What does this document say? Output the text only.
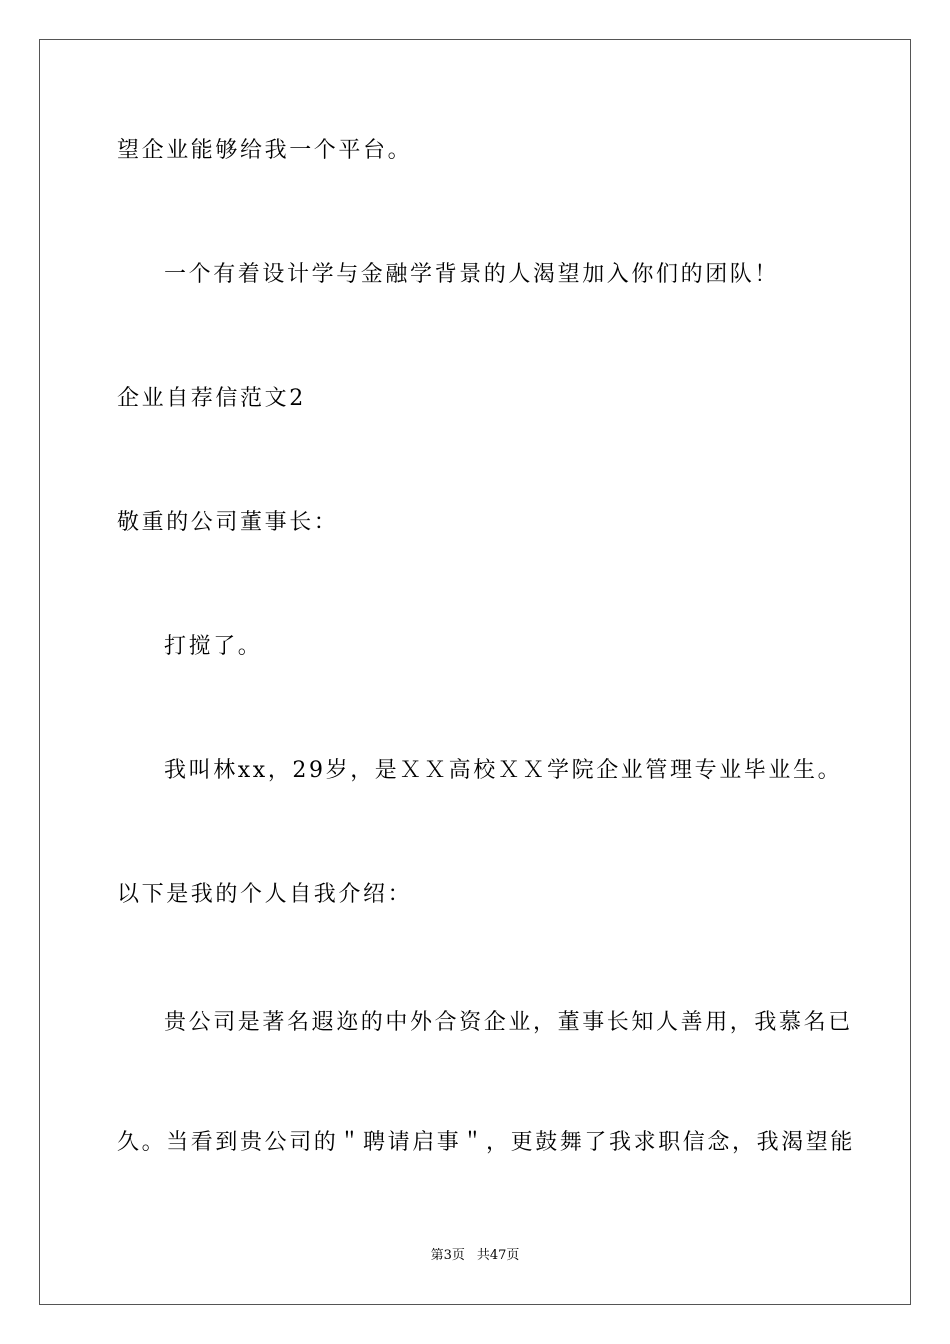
望企业能够给我一个平台。
一个有着设计学与金融学背景的人渴望加入你们的团队！
企业自荐信范文2
敬重的公司董事长：
打搅了。
我叫林xx，29岁，是ＸＸ高校ＸＸ学院企业管理专业毕业生。
以下是我的个人自我介绍：
贵公司是著名遐迩的中外合资企业，董事长知人善用，我慕名已
久。当看到贵公司的＂聘请启事＂，更鼓舞了我求职信念，我渴望能
第3页 共47页
